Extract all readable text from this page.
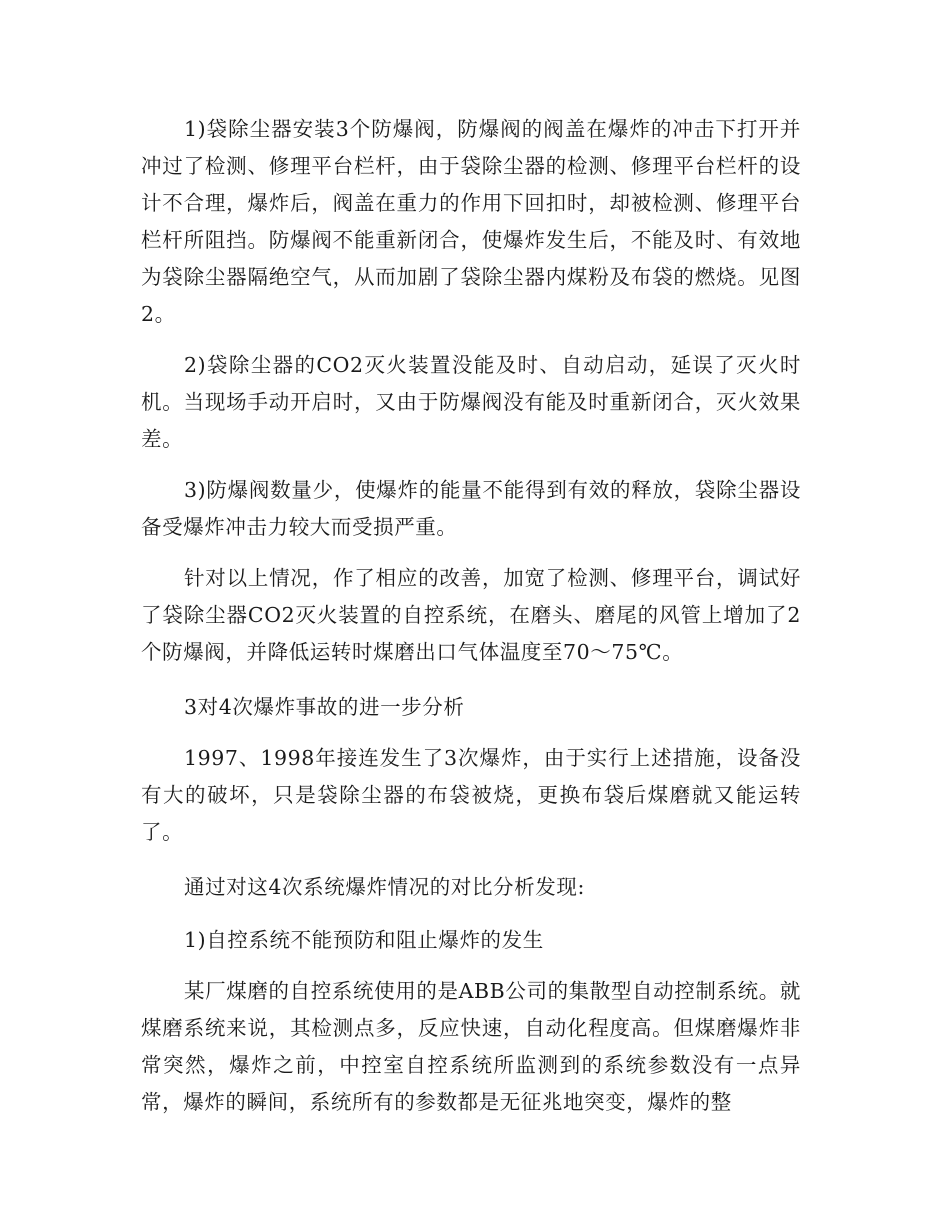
1)袋除尘器安装3个防爆阀，防爆阀的阀盖在爆炸的冲击下打开并冲过了检测、修理平台栏杆，由于袋除尘器的检测、修理平台栏杆的设计不合理，爆炸后，阀盖在重力的作用下回扣时，却被检测、修理平台栏杆所阻挡。防爆阀不能重新闭合，使爆炸发生后，不能及时、有效地为袋除尘器隔绝空气，从而加剧了袋除尘器内煤粉及布袋的燃烧。见图2。

2)袋除尘器的CO2灭火装置没能及时、自动启动，延误了灭火时机。当现场手动开启时，又由于防爆阀没有能及时重新闭合，灭火效果差。

3)防爆阀数量少，使爆炸的能量不能得到有效的释放，袋除尘器设备受爆炸冲击力较大而受损严重。

针对以上情况，作了相应的改善，加宽了检测、修理平台，调试好了袋除尘器CO2灭火装置的自控系统，在磨头、磨尾的风管上增加了2个防爆阀，并降低运转时煤磨出口气体温度至70～75℃。

3对4次爆炸事故的进一步分析

1997、1998年接连发生了3次爆炸，由于实行上述措施，设备没有大的破坏，只是袋除尘器的布袋被烧，更换布袋后煤磨就又能运转了。

通过对这4次系统爆炸情况的对比分析发现:

1)自控系统不能预防和阻止爆炸的发生

某厂煤磨的自控系统使用的是ABB公司的集散型自动控制系统。就煤磨系统来说，其检测点多，反应快速，自动化程度高。但煤磨爆炸非常突然，爆炸之前，中控室自控系统所监测到的系统参数没有一点异常，爆炸的瞬间，系统所有的参数都是无征兆地突变，爆炸的整
